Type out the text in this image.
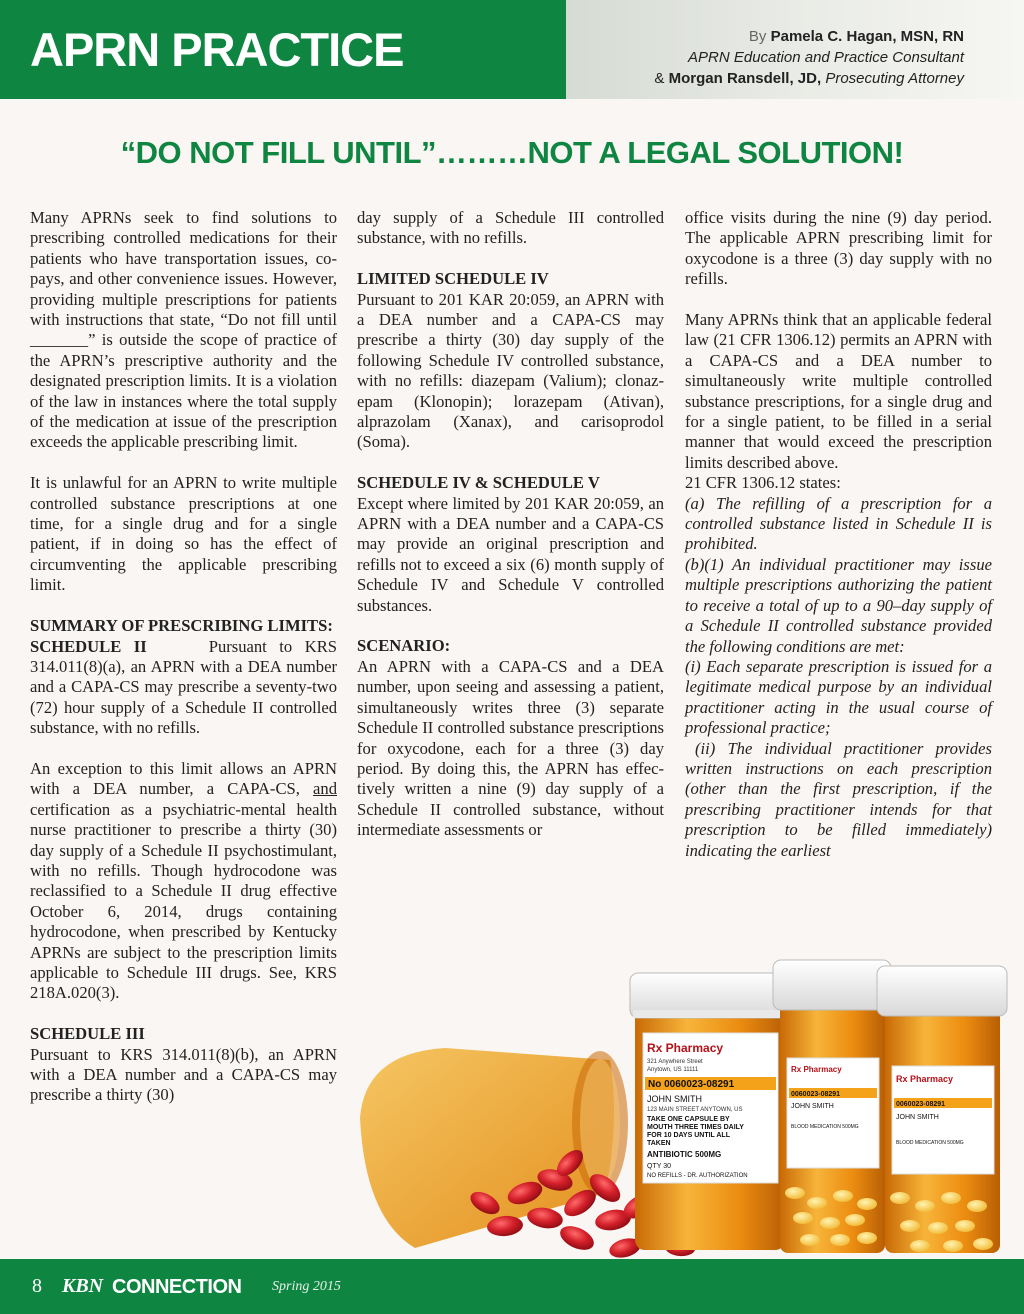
APRN PRACTICE	By Pamela C. Hagan, MSN, RN
APRN Education and Practice Consultant
& Morgan Ransdell, JD, Prosecuting Attorney
“DO NOT FILL UNTIL”………NOT A LEGAL SOLUTION!

Many APRNs seek to find solutions to prescribing controlled medications for their patients who have transportation issues, co-pays, and other convenience issues. However, providing multiple prescriptions for patients with instructions that state, “Do not fill until _______” is outside the scope of practice of the APRN’s prescriptive authority and the designated prescription limits. It is a violation of the law in instances where the total supply of the medication at issue of the prescription exceeds the applicable prescribing limit.

It is unlawful for an APRN to write multiple controlled substance prescriptions at one time, for a single drug and for a single patient, if in doing so has the effect of circumventing the applicable prescribing limit.

SUMMARY OF PRESCRIBING LIMITS:

SCHEDULE II	Pursuant to KRS 314.011(8)(a), an APRN with a DEA number and a CAPA-CS may prescribe a seventy-two (72) hour supply of a Schedule II controlled substance, with no refills.

An exception to this limit allows an APRN with a DEA number, a CAPA-CS, and certification as a psychiatric-mental health nurse practitioner to prescribe a thirty (30) day supply of a Schedule II psychostimulant, with no refills. Though hydrocodone was reclassified to a Schedule II drug effective October 6, 2014, drugs containing hydrocodone, when prescribed by Kentucky APRNs are subject to the prescription limits applicable to Schedule III drugs. See, KRS 218A.020(3).

SCHEDULE III

Pursuant to KRS 314.011(8)(b), an APRN with a DEA number and a CAPA-CS may prescribe a thirty (30)

day supply of a Schedule III controlled substance, with no refills.

LIMITED SCHEDULE IV

Pursuant to 201 KAR 20:059, an APRN with a DEA number and a CAPA-CS may prescribe a thirty (30) day supply of the following Schedule IV controlled substance, with no refills: diazepam (Valium); clonazepam (Klonopin); lorazepam (Ativan), alprazolam (Xanax), and carisoprodol (Soma).

SCHEDULE IV & SCHEDULE V

Except where limited by 201 KAR 20:059, an APRN with a DEA number and a CAPA-CS may provide an original prescription and refills not to exceed a six (6) month supply of Schedule IV and Schedule V controlled substances.

SCENARIO:

An APRN with a CAPA-CS and a DEA number, upon seeing and assessing a patient, simultaneously writes three (3) separate Schedule II controlled substance prescriptions for oxycodone, each for a three (3) day period. By doing this, the APRN has effectively written a nine (9) day supply of a Schedule II controlled substance, without intermediate assessments or

office visits during the nine (9) day period. The applicable APRN prescribing limit for oxycodone is a three (3) day supply with no refills.

Many APRNs think that an applicable federal law (21 CFR 1306.12) permits an APRN with a CAPA-CS and a DEA number to simultaneously write multiple controlled substance prescriptions, for a single drug and for a single patient, to be filled in a serial manner that would exceed the prescription limits described above.

21 CFR 1306.12 states:
(a) The refilling of a prescription for a controlled substance listed in Schedule II is prohibited.
(b)(1) An individual practitioner may issue multiple prescriptions authorizing the patient to receive a total of up to a 90–day supply of a Schedule II controlled substance provided the following conditions are met:
(i) Each separate prescription is issued for a legitimate medical purpose by an individual practitioner acting in the usual course of professional practice;
(ii) The individual practitioner provides written instructions on each prescription (other than the first prescription, if the prescribing practitioner intends for that prescription to be filled immediately) indicating the earliest
Rx Pharmacy
321 Anywhere Street
Anytown, US 11111
No 0060023-08291
JOHN SMITH
123 MAIN STREET ANYTOWN, US
TAKE ONE CAPSULE BY
MOUTH THREE TIMES DAILY
FOR 10 DAYS UNTIL ALL
TAKEN
ANTIBIOTIC 500MG
QTY 30
NO REFILLS - DR. AUTHORIZATION
Rx Pharmacy
0060023-08291
JOHN SMITH
BLOOD MEDICATION 500MG
Rx Pharmacy
0060023-08291
JOHN SMITH
BLOOD MEDICATION 500MG
8 KBN CONNECTION Spring 2015
